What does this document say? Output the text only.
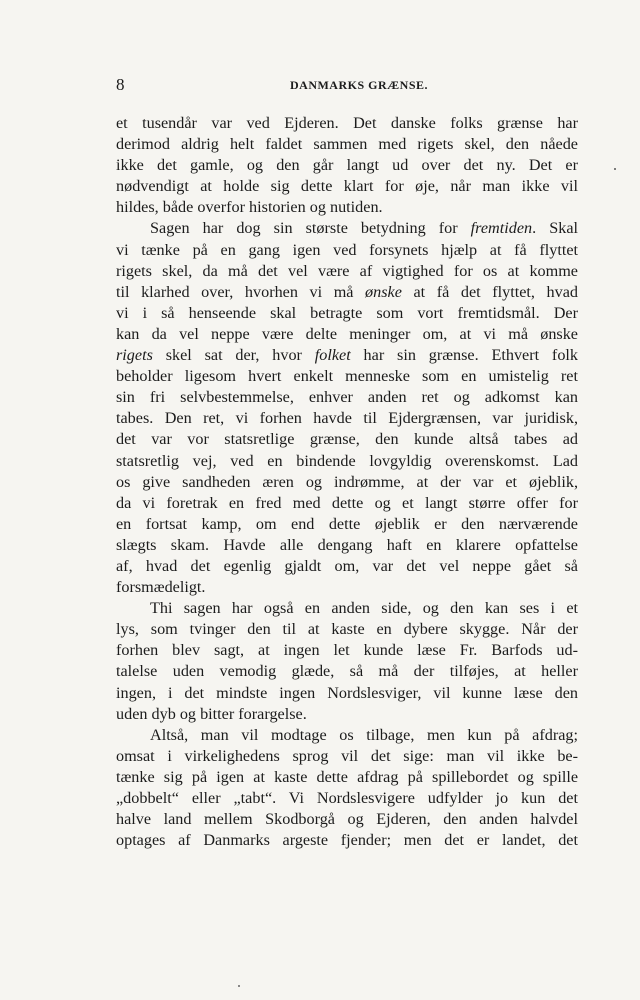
8	DANMARKS GRÆNSE.
et tusendår var ved Ejderen. Det danske folks grænse har
derimod aldrig helt faldet sammen med rigets skel, den nåede
ikke det gamle, og den går langt ud over det ny. Det er
nødvendigt at holde sig dette klart for øje, når man ikke vil
hildes, både overfor historien og nutiden.
Sagen har dog sin største betydning for fremtiden. Skal
vi tænke på en gang igen ved forsynets hjælp at få flyttet
rigets skel, da må det vel være af vigtighed for os at komme
til klarhed over, hvorhen vi må ønske at få det flyttet, hvad
vi i så henseende skal betragte som vort fremtidsmål. Der
kan da vel neppe være delte meninger om, at vi må ønske
rigets skel sat der, hvor folket har sin grænse. Ethvert folk
beholder ligesom hvert enkelt menneske som en umistelig ret
sin fri selvbestemmelse, enhver anden ret og adkomst kan
tabes. Den ret, vi forhen havde til Ejdergrænsen, var juridisk,
det var vor statsretlige grænse, den kunde altså tabes ad
statsretlig vej, ved en bindende lovgyldig overenskomst. Lad
os give sandheden æren og indrømme, at der var et øjeblik,
da vi foretrak en fred med dette og et langt større offer for
en fortsat kamp, om end dette øjeblik er den nærværende
slægts skam. Havde alle dengang haft en klarere opfattelse
af, hvad det egenlig gjaldt om, var det vel neppe gået så
forsmædeligt.
Thi sagen har også en anden side, og den kan ses i et
lys, som tvinger den til at kaste en dybere skygge. Når der
forhen blev sagt, at ingen let kunde læse Fr. Barfods ud-
talelse uden vemodig glæde, så må der tilføjes, at heller
ingen, i det mindste ingen Nordslesviger, vil kunne læse den
uden dyb og bitter forargelse.
Altså, man vil modtage os tilbage, men kun på afdrag;
omsat i virkelighedens sprog vil det sige: man vil ikke be-
tænke sig på igen at kaste dette afdrag på spillebordet og spille
„dobbelt“ eller „tabt“. Vi Nordslesvigere udfylder jo kun det
halve land mellem Skodborgå og Ejderen, den anden halvdel
optages af Danmarks argeste fjender; men det er landet, det
